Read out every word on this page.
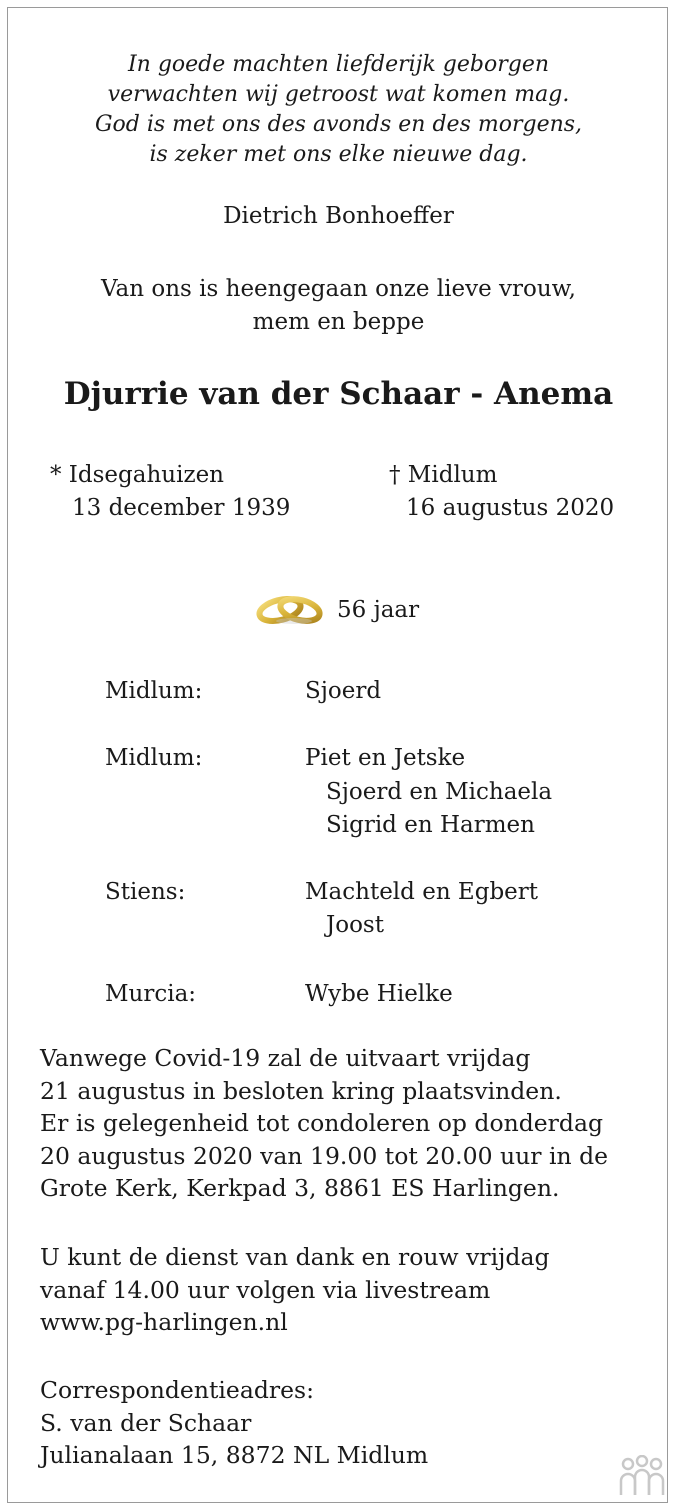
In goede machten liefderijk geborgen
verwachten wij getroost wat komen mag.
God is met ons des avonds en des morgens,
is zeker met ons elke nieuwe dag.
Dietrich Bonhoeffer
Van ons is heengegaan onze lieve vrouw,
mem en beppe
Djurrie van der Schaar - Anema
* Idsegahuizen
13 december 1939
† Midlum
16 augustus 2020
56 jaar
Midlum:	Sjoerd
Midlum:	Piet en Jetske
Sjoerd en Michaela
Sigrid en Harmen
Stiens:	Machteld en Egbert
Joost
Murcia:	Wybe Hielke
Vanwege Covid-19 zal de uitvaart vrijdag
21 augustus in besloten kring plaatsvinden.
Er is gelegenheid tot condoleren op donderdag
20 augustus 2020 van 19.00 tot 20.00 uur in de
Grote Kerk, Kerkpad 3, 8861 ES Harlingen.
U kunt de dienst van dank en rouw vrijdag
vanaf 14.00 uur volgen via livestream
www.pg-harlingen.nl
Correspondentieadres:
S. van der Schaar
Julianalaan 15, 8872 NL Midlum
